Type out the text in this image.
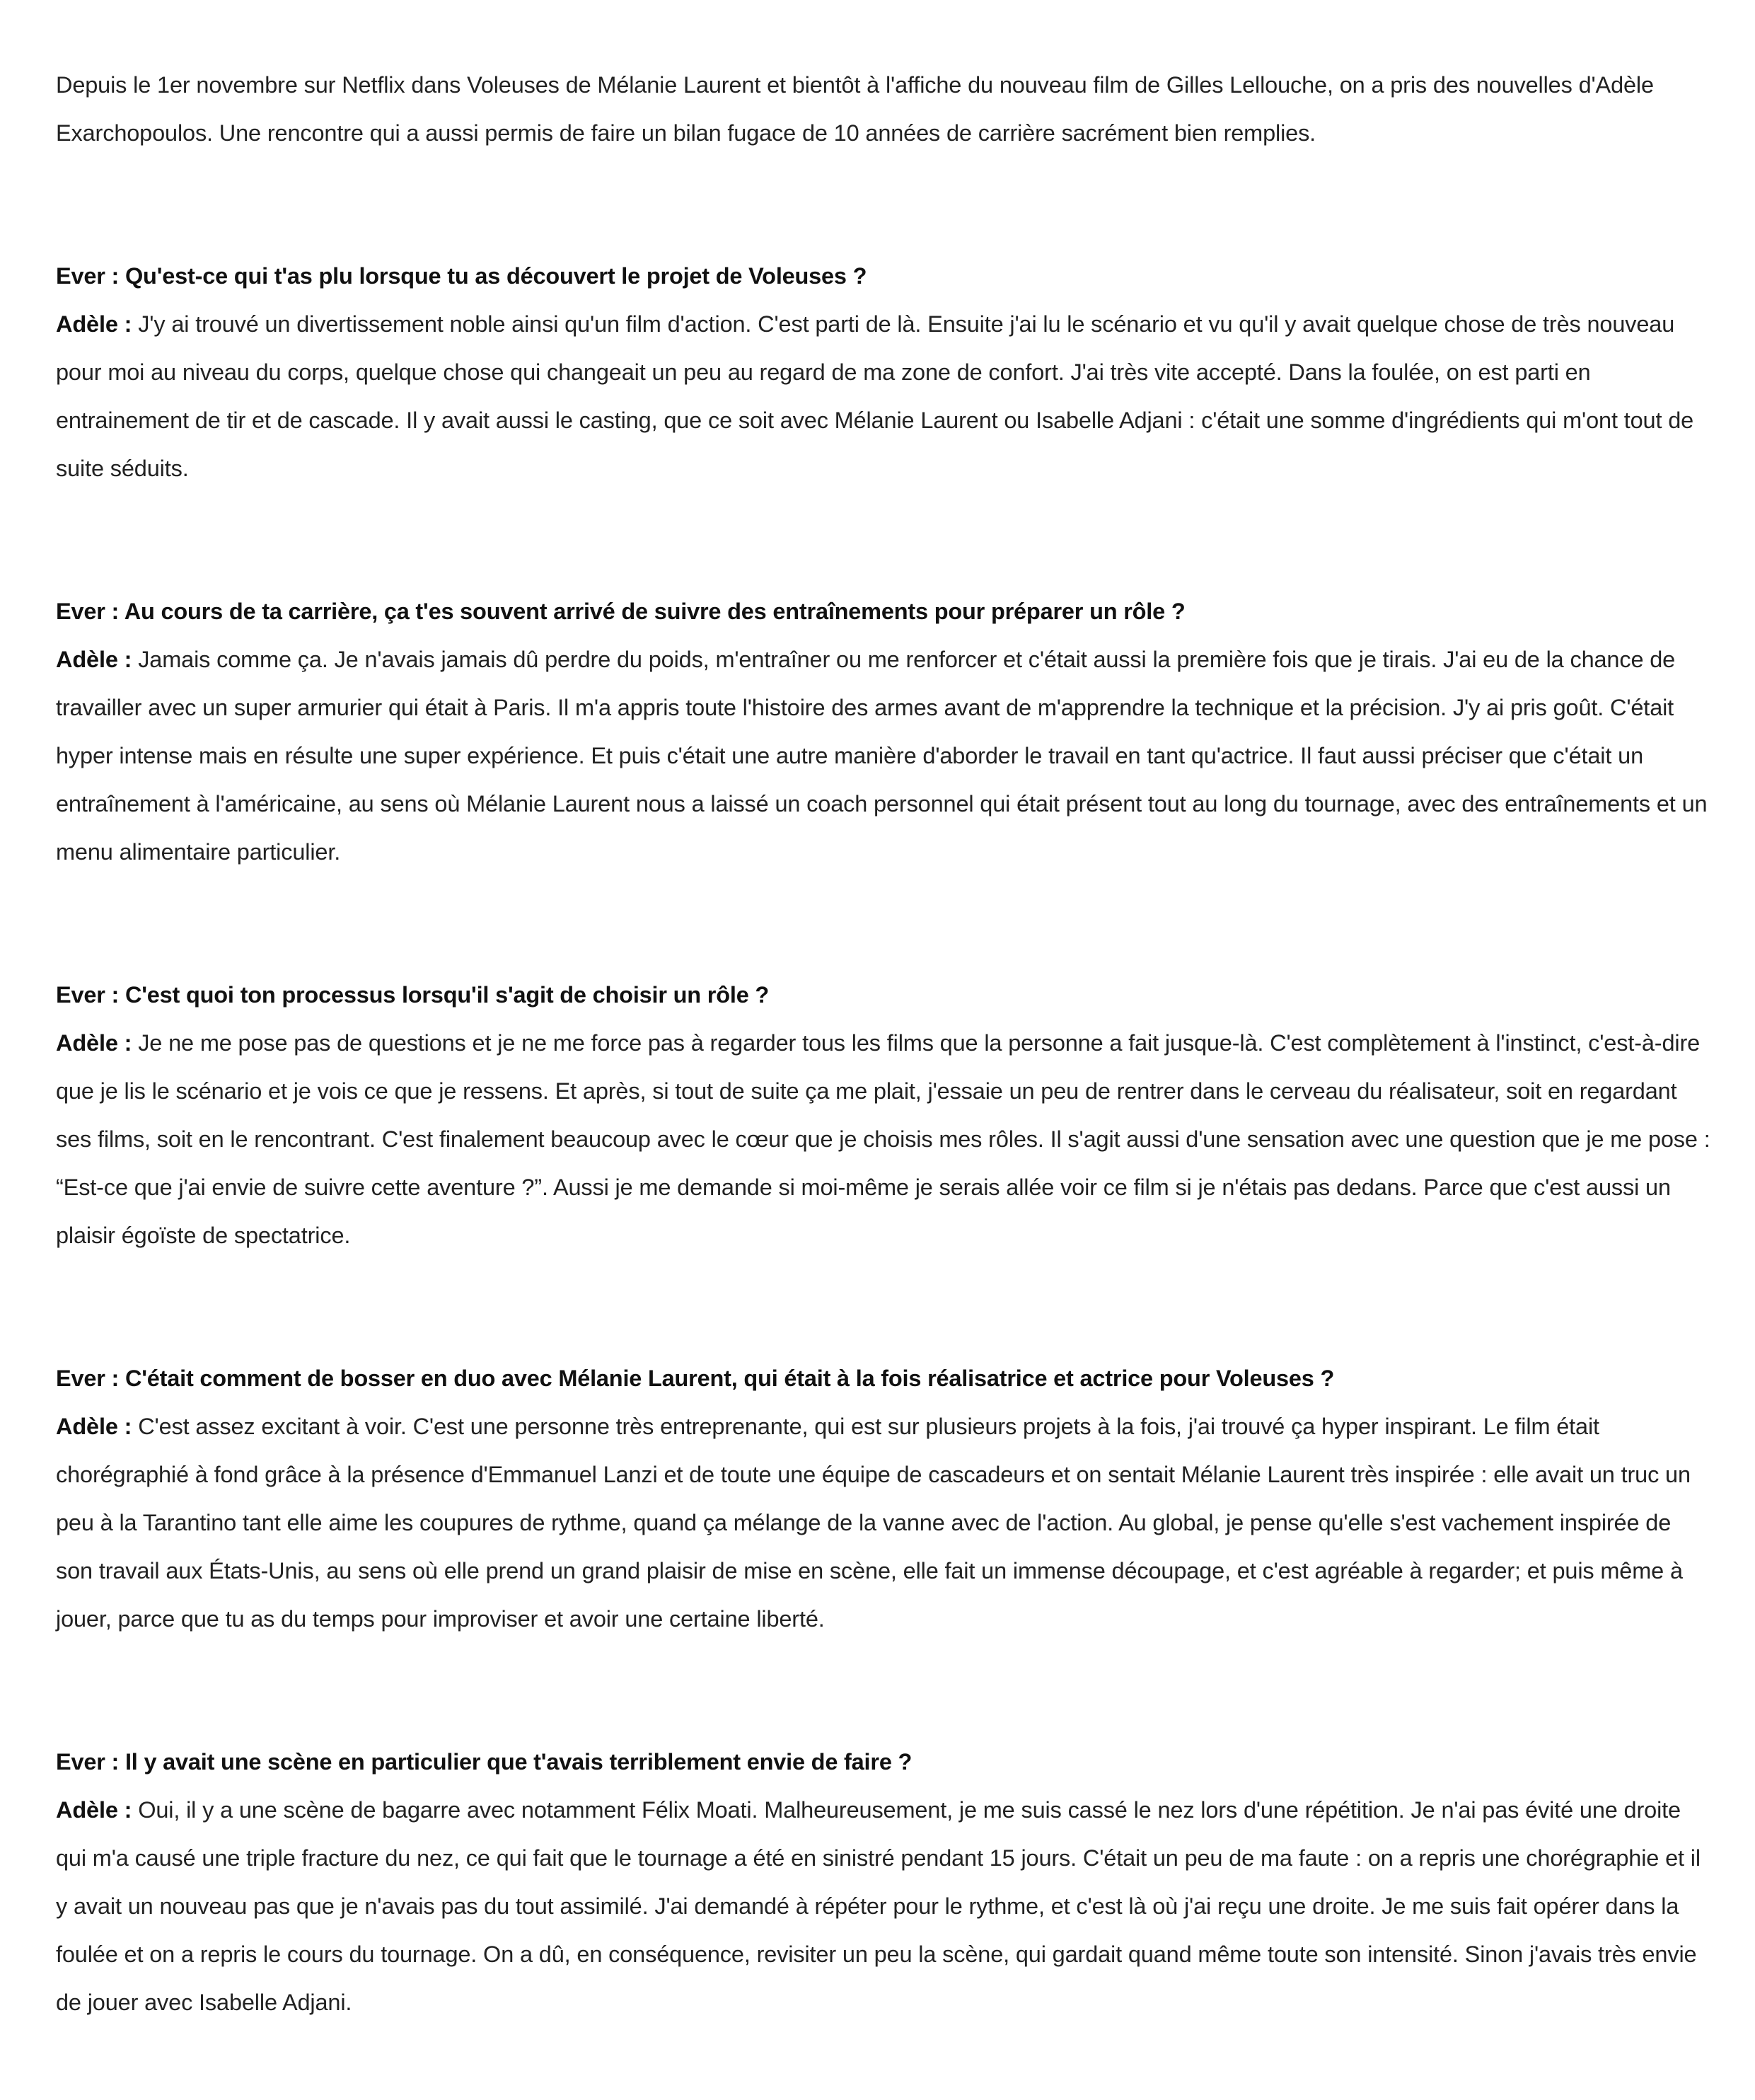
Depuis le 1er novembre sur Netflix dans Voleuses de Mélanie Laurent et bientôt à l'affiche du nouveau film de Gilles Lellouche, on a pris des nouvelles d'Adèle Exarchopoulos. Une rencontre qui a aussi permis de faire un bilan fugace de 10 années de carrière sacrément bien remplies.

Ever : Qu'est-ce qui t'as plu lorsque tu as découvert le projet de Voleuses ?

Adèle : J'y ai trouvé un divertissement noble ainsi qu'un film d'action. C'est parti de là. Ensuite j'ai lu le scénario et vu qu'il y avait quelque chose de très nouveau pour moi au niveau du corps, quelque chose qui changeait un peu au regard de ma zone de confort. J'ai très vite accepté. Dans la foulée, on est parti en entrainement de tir et de cascade. Il y avait aussi le casting, que ce soit avec Mélanie Laurent ou Isabelle Adjani : c'était une somme d'ingrédients qui m'ont tout de suite séduits.

Ever : Au cours de ta carrière, ça t'es souvent arrivé de suivre des entraînements pour préparer un rôle ?

Adèle : Jamais comme ça. Je n'avais jamais dû perdre du poids, m'entraîner ou me renforcer et c'était aussi la première fois que je tirais. J'ai eu de la chance de travailler avec un super armurier qui était à Paris. Il m'a appris toute l'histoire des armes avant de m'apprendre la technique et la précision. J'y ai pris goût. C'était hyper intense mais en résulte une super expérience. Et puis c'était une autre manière d'aborder le travail en tant qu'actrice. Il faut aussi préciser que c'était un entraînement à l'américaine, au sens où Mélanie Laurent nous a laissé un coach personnel qui était présent tout au long du tournage, avec des entraînements et un menu alimentaire particulier.

Ever : C'est quoi ton processus lorsqu'il s'agit de choisir un rôle ?

Adèle : Je ne me pose pas de questions et je ne me force pas à regarder tous les films que la personne a fait jusque-là. C'est complètement à l'instinct, c'est-à-dire que je lis le scénario et je vois ce que je ressens. Et après, si tout de suite ça me plait, j'essaie un peu de rentrer dans le cerveau du réalisateur, soit en regardant ses films, soit en le rencontrant. C'est finalement beaucoup avec le cœur que je choisis mes rôles. Il s'agit aussi d'une sensation avec une question que je me pose : “Est-ce que j'ai envie de suivre cette aventure ?”. Aussi je me demande si moi-même je serais allée voir ce film si je n'étais pas dedans. Parce que c'est aussi un plaisir égoïste de spectatrice.

Ever : C'était comment de bosser en duo avec Mélanie Laurent, qui était à la fois réalisatrice et actrice pour Voleuses ?

Adèle : C'est assez excitant à voir. C'est une personne très entreprenante, qui est sur plusieurs projets à la fois, j'ai trouvé ça hyper inspirant. Le film était chorégraphié à fond grâce à la présence d'Emmanuel Lanzi et de toute une équipe de cascadeurs et on sentait Mélanie Laurent très inspirée : elle avait un truc un peu à la Tarantino tant elle aime les coupures de rythme, quand ça mélange de la vanne avec de l'action. Au global, je pense qu'elle s'est vachement inspirée de son travail aux États-Unis, au sens où elle prend un grand plaisir de mise en scène, elle fait un immense découpage, et c'est agréable à regarder; et puis même à jouer, parce que tu as du temps pour improviser et avoir une certaine liberté.

Ever : Il y avait une scène en particulier que t'avais terriblement envie de faire ?

Adèle : Oui, il y a une scène de bagarre avec notamment Félix Moati. Malheureusement, je me suis cassé le nez lors d'une répétition. Je n'ai pas évité une droite qui m'a causé une triple fracture du nez, ce qui fait que le tournage a été en sinistré pendant 15 jours. C'était un peu de ma faute : on a repris une chorégraphie et il y avait un nouveau pas que je n'avais pas du tout assimilé. J'ai demandé à répéter pour le rythme, et c'est là où j'ai reçu une droite. Je me suis fait opérer dans la foulée et on a repris le cours du tournage. On a dû, en conséquence, revisiter un peu la scène, qui gardait quand même toute son intensité. Sinon j'avais très envie de jouer avec Isabelle Adjani.
